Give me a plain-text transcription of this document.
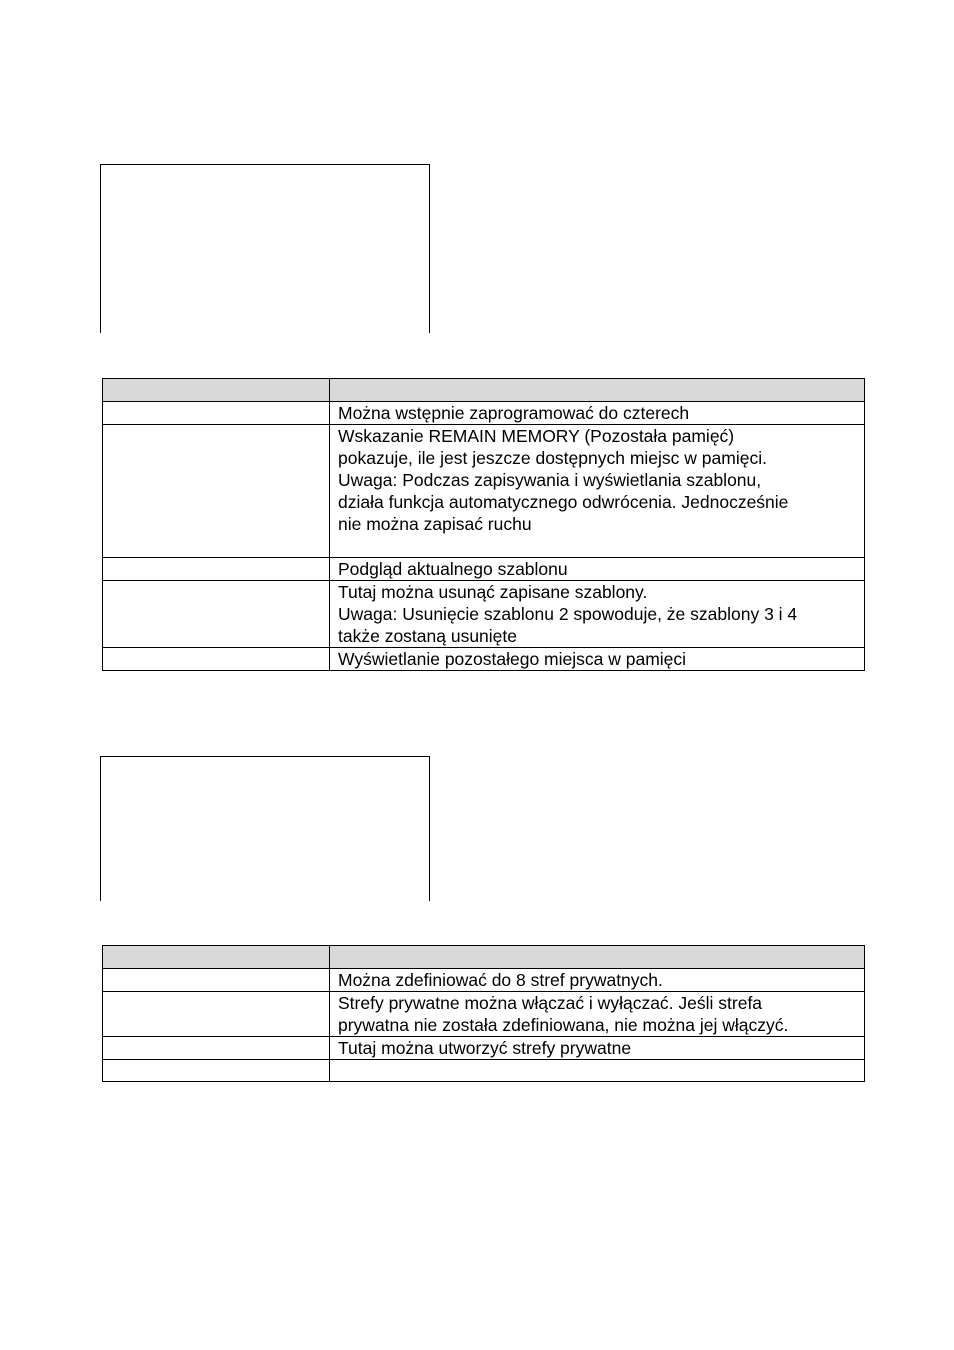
	Można wstępnie zaprogramować do czterech

	Wskazanie REMAIN MEMORY (Pozostała pamięć)
pokazuje, ile jest jeszcze dostępnych miejsc w pamięci.
Uwaga: Podczas zapisywania i wyświetlania szablonu,
działa funkcja automatycznego odwrócenia. Jednocześnie
nie można zapisać ruchu

	Podgląd aktualnego szablonu

	Tutaj można usunąć zapisane szablony.
Uwaga: Usunięcie szablonu 2 spowoduje, że szablony 3 i 4
także zostaną usunięte

	Wyświetlanie pozostałego miejsca w pamięci

	Można zdefiniować do 8 stref prywatnych.

	Strefy prywatne można włączać i wyłączać. Jeśli strefa
prywatna nie została zdefiniowana, nie można jej włączyć.

	Tutaj można utworzyć strefy prywatne
